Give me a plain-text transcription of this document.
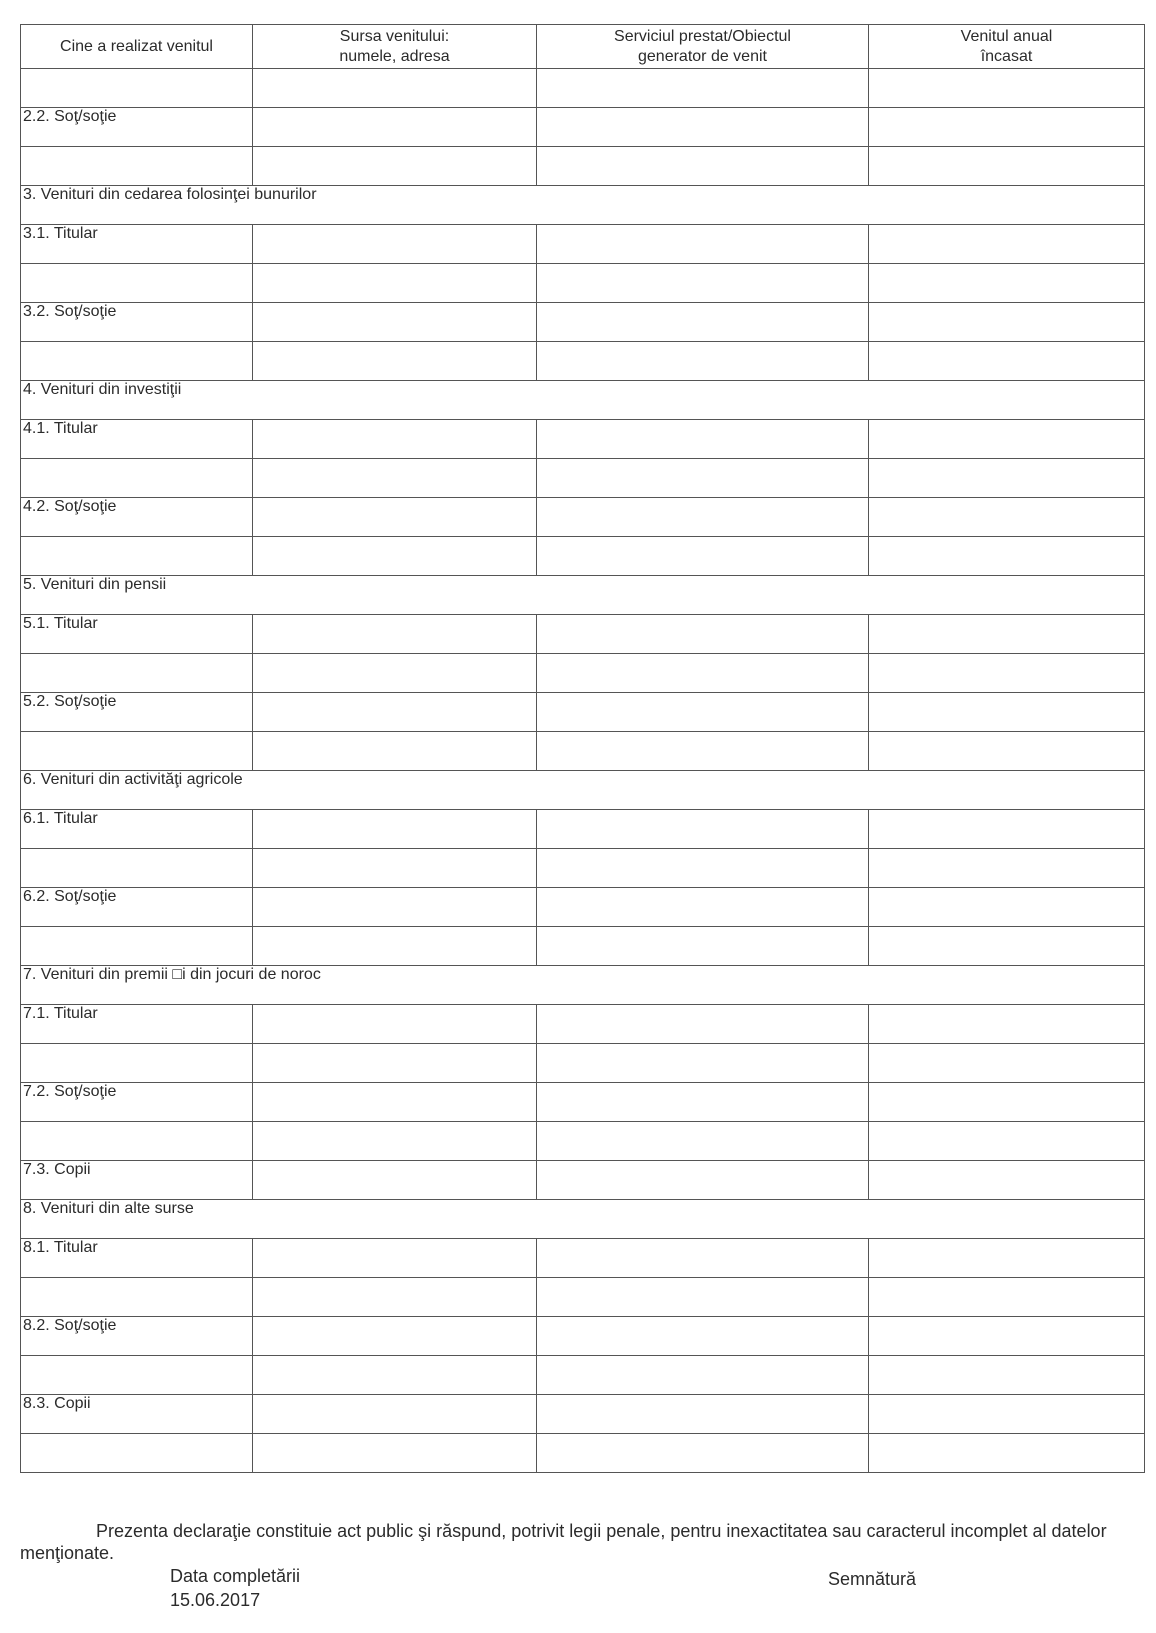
Cine a realizat venitul	Sursa venitului: numele, adresa	Serviciul prestat/Obiectul generator de venit	Venitul anual încasat

2.2. Soţ/soţie			

3. Venituri din cedarea folosinţei bunurilor			
3.1. Titular			

3.2. Soţ/soţie			

4. Venituri din investiţii			
4.1. Titular			

4.2. Soţ/soţie			

5. Venituri din pensii			
5.1. Titular			

5.2. Soţ/soţie			

6. Venituri din activităţi agricole			
6.1. Titular			

6.2. Soţ/soţie			

7. Venituri din premii □i din jocuri de noroc			
7.1. Titular			

7.2. Soţ/soţie			

7.3. Copii			
8. Venituri din alte surse			
8.1. Titular			

8.2. Soţ/soţie			

8.3. Copii			

Prezenta declaraţie constituie act public şi răspund, potrivit legii penale, pentru inexactitatea sau caracterul incomplet al datelor menţionate.
Data completării
15.06.2017
Semnătură
